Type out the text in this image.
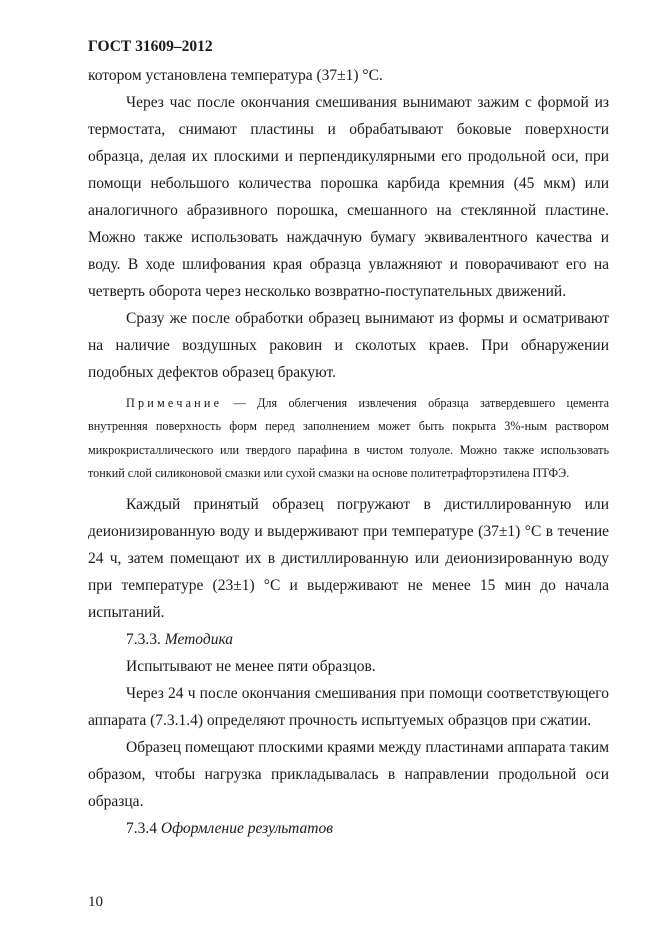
ГОСТ 31609–2012

котором установлена температура (37±1) °С.

Через час после окончания смешивания вынимают зажим с формой из термостата, снимают пластины и обрабатывают боковые поверхности образца, делая их плоскими и перпендикулярными его продольной оси, при помощи небольшого количества порошка карбида кремния (45 мкм) или аналогичного абразивного порошка, смешанного на стеклянной пластине. Можно также использовать наждачную бумагу эквивалентного качества и воду. В ходе шлифования края образца увлажняют и поворачивают его на четверть оборота через несколько возвратно-поступательных движений.

Сразу же после обработки образец вынимают из формы и осматривают на наличие воздушных раковин и сколотых краев. При обнаружении подобных дефектов образец бракуют.

Примечание — Для облегчения извлечения образца затвердевшего цемента внутренняя поверхность форм перед заполнением может быть покрыта 3%-ным раствором микрокристаллического или твердого парафина в чистом толуоле. Можно также использовать тонкий слой силиконовой смазки или сухой смазки на основе политетрафторэтилена ПТФЭ.

Каждый принятый образец погружают в дистиллированную или деионизированную воду и выдерживают при температуре (37±1) °С в течение 24 ч, затем помещают их в дистиллированную или деионизированную воду при температуре (23±1) °С и выдерживают не менее 15 мин до начала испытаний.

7.3.3. Методика

Испытывают не менее пяти образцов.

Через 24 ч после окончания смешивания при помощи соответствующего аппарата (7.3.1.4) определяют прочность испытуемых образцов при сжатии.

Образец помещают плоскими краями между пластинами аппарата таким образом, чтобы нагрузка прикладывалась в направлении продольной оси образца.

7.3.4 Оформление результатов

10
